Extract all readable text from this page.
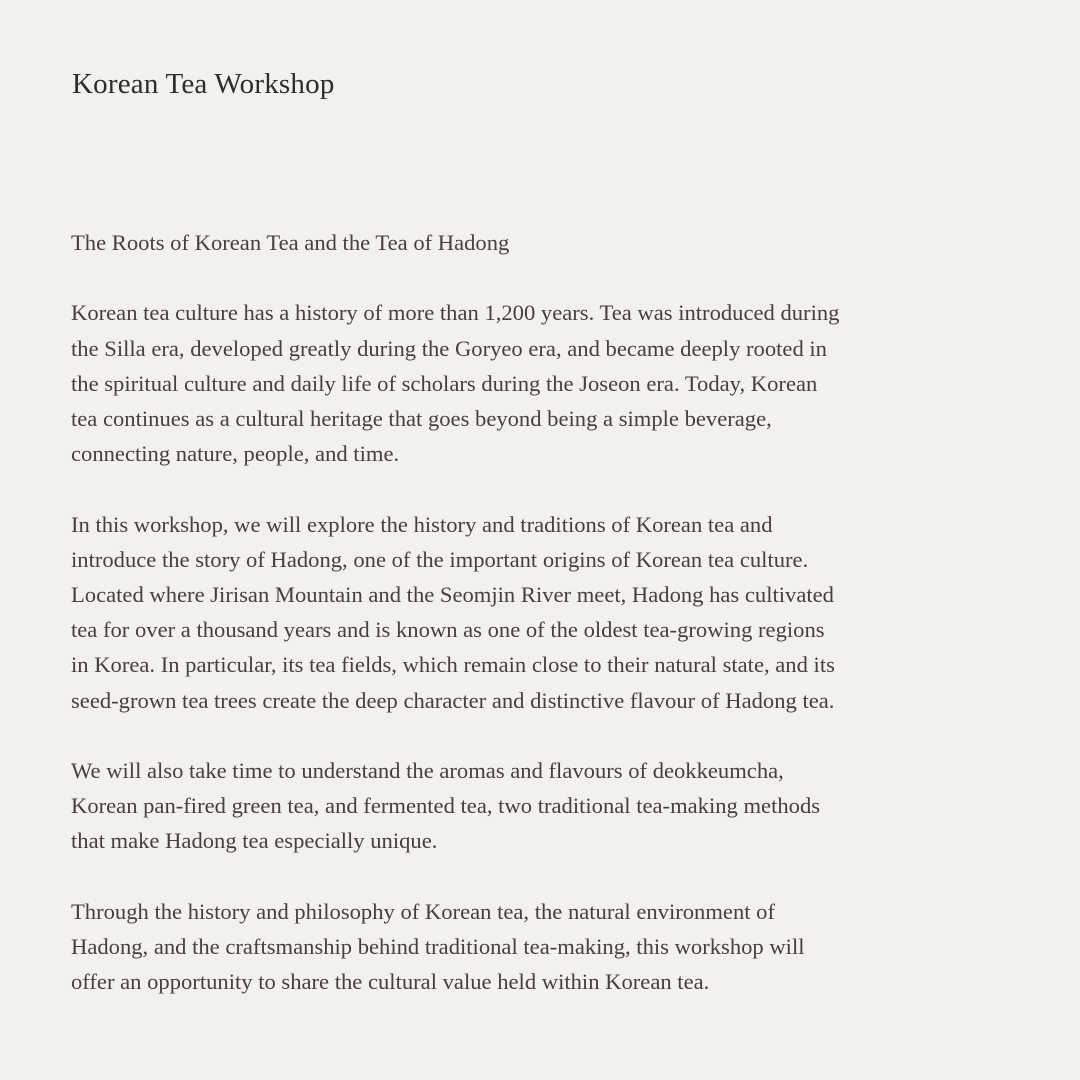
Korean Tea Workshop
The Roots of Korean Tea and the Tea of Hadong

Korean tea culture has a history of more than 1,200 years. Tea was introduced during
the Silla era, developed greatly during the Goryeo era, and became deeply rooted in
the spiritual culture and daily life of scholars during the Joseon era. Today, Korean
tea continues as a cultural heritage that goes beyond being a simple beverage,
connecting nature, people, and time.

In this workshop, we will explore the history and traditions of Korean tea and
introduce the story of Hadong, one of the important origins of Korean tea culture.
Located where Jirisan Mountain and the Seomjin River meet, Hadong has cultivated
tea for over a thousand years and is known as one of the oldest tea-growing regions
in Korea. In particular, its tea fields, which remain close to their natural state, and its
seed-grown tea trees create the deep character and distinctive flavour of Hadong tea.

We will also take time to understand the aromas and flavours of deokkeumcha,
Korean pan-fired green tea, and fermented tea, two traditional tea-making methods
that make Hadong tea especially unique.

Through the history and philosophy of Korean tea, the natural environment of
Hadong, and the craftsmanship behind traditional tea-making, this workshop will
offer an opportunity to share the cultural value held within Korean tea.
